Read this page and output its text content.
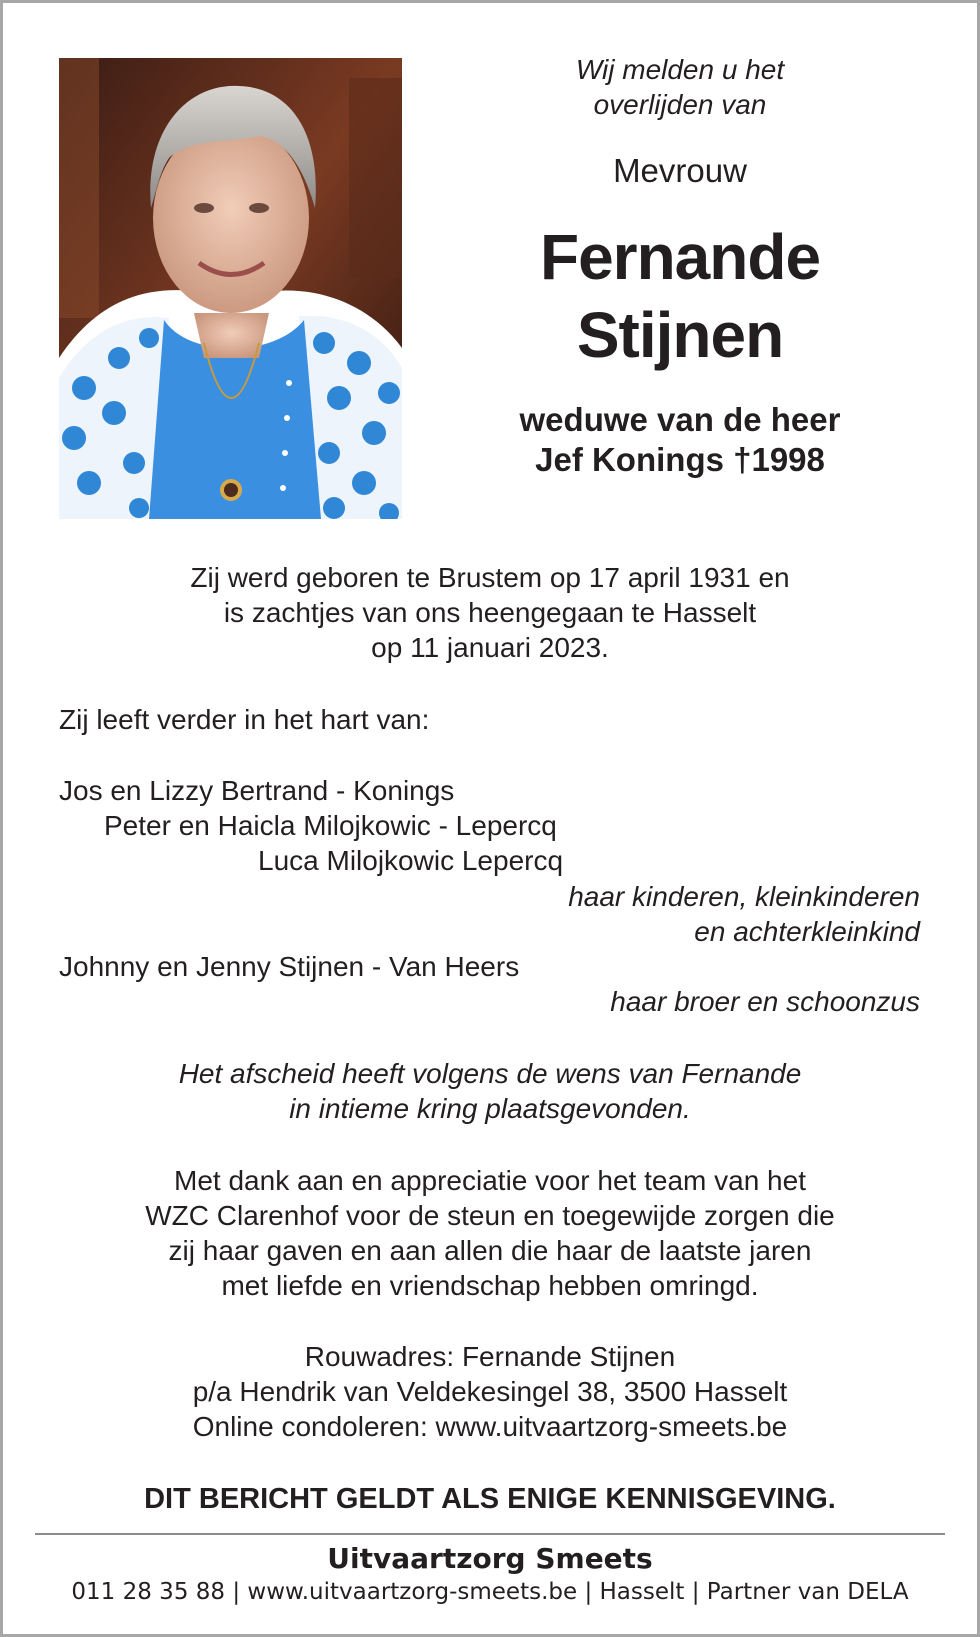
Wij melden u het
overlijden van
Mevrouw
Fernande
Stijnen
weduwe van de heer
Jef Konings †1998
Zij werd geboren te Brustem op 17 april 1931 en
is zachtjes van ons heengegaan te Hasselt
op 11 januari 2023.
Zij leeft verder in het hart van:
Jos en Lizzy Bertrand - Konings
Peter en Haicla Milojkowic - Lepercq
Luca Milojkowic Lepercq
haar kinderen, kleinkinderen
en achterkleinkind
Johnny en Jenny Stijnen - Van Heers
haar broer en schoonzus
Het afscheid heeft volgens de wens van Fernande
in intieme kring plaatsgevonden.
Met dank aan en appreciatie voor het team van het
WZC Clarenhof voor de steun en toegewijde zorgen die
zij haar gaven en aan allen die haar de laatste jaren
met liefde en vriendschap hebben omringd.
Rouwadres: Fernande Stijnen
p/a Hendrik van Veldekesingel 38, 3500 Hasselt
Online condoleren: www.uitvaartzorg-smeets.be
DIT BERICHT GELDT ALS ENIGE KENNISGEVING.
Uitvaartzorg Smeets
011 28 35 88 | www.uitvaartzorg-smeets.be | Hasselt | Partner van DELA
